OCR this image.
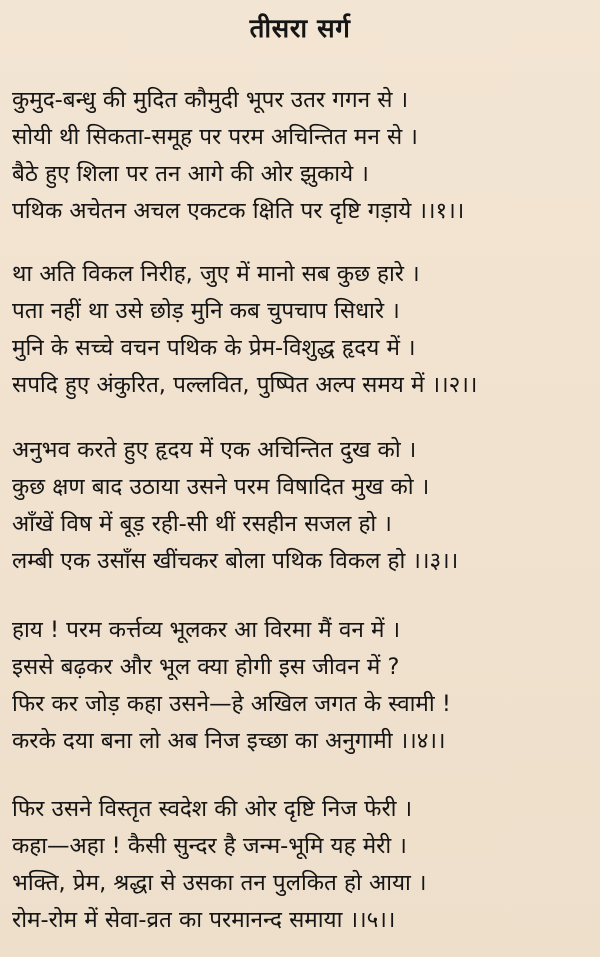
तीसरा सर्ग
कुमुद-बन्धु की मुदित कौमुदी भूपर उतर गगन से ।
सोयी थी सिकता-समूह पर परम अचिन्तित मन से ।
बैठे हुए शिला पर तन आगे की ओर झुकाये ।
पथिक अचेतन अचल एकटक क्षिति पर दृष्टि गड़ाये ।।१।।
था अति विकल निरीह, जुए में मानो सब कुछ हारे ।
पता नहीं था उसे छोड़ मुनि कब चुपचाप सिधारे ।
मुनि के सच्चे वचन पथिक के प्रेम-विशुद्ध हृदय में ।
सपदि हुए अंकुरित, पल्लवित, पुष्पित अल्प समय में ।।२।।
अनुभव करते हुए हृदय में एक अचिन्तित दुख को ।
कुछ क्षण बाद उठाया उसने परम विषादित मुख को ।
आँखें विष में बूड़ रही-सी थीं रसहीन सजल हो ।
लम्बी एक उसाँस खींचकर बोला पथिक विकल हो ।।३।।
हाय ! परम कर्त्तव्य भूलकर आ विरमा मैं वन में ।
इससे बढ़कर और भूल क्या होगी इस जीवन में ?
फिर कर जोड़ कहा उसने—हे अखिल जगत के स्वामी !
करके दया बना लो अब निज इच्छा का अनुगामी ।।४।।
फिर उसने विस्तृत स्वदेश की ओर दृष्टि निज फेरी ।
कहा—अहा ! कैसी सुन्दर है जन्म-भूमि यह मेरी ।
भक्ति, प्रेम, श्रद्धा से उसका तन पुलकित हो आया ।
रोम-रोम में सेवा-व्रत का परमानन्द समाया ।।५।।
